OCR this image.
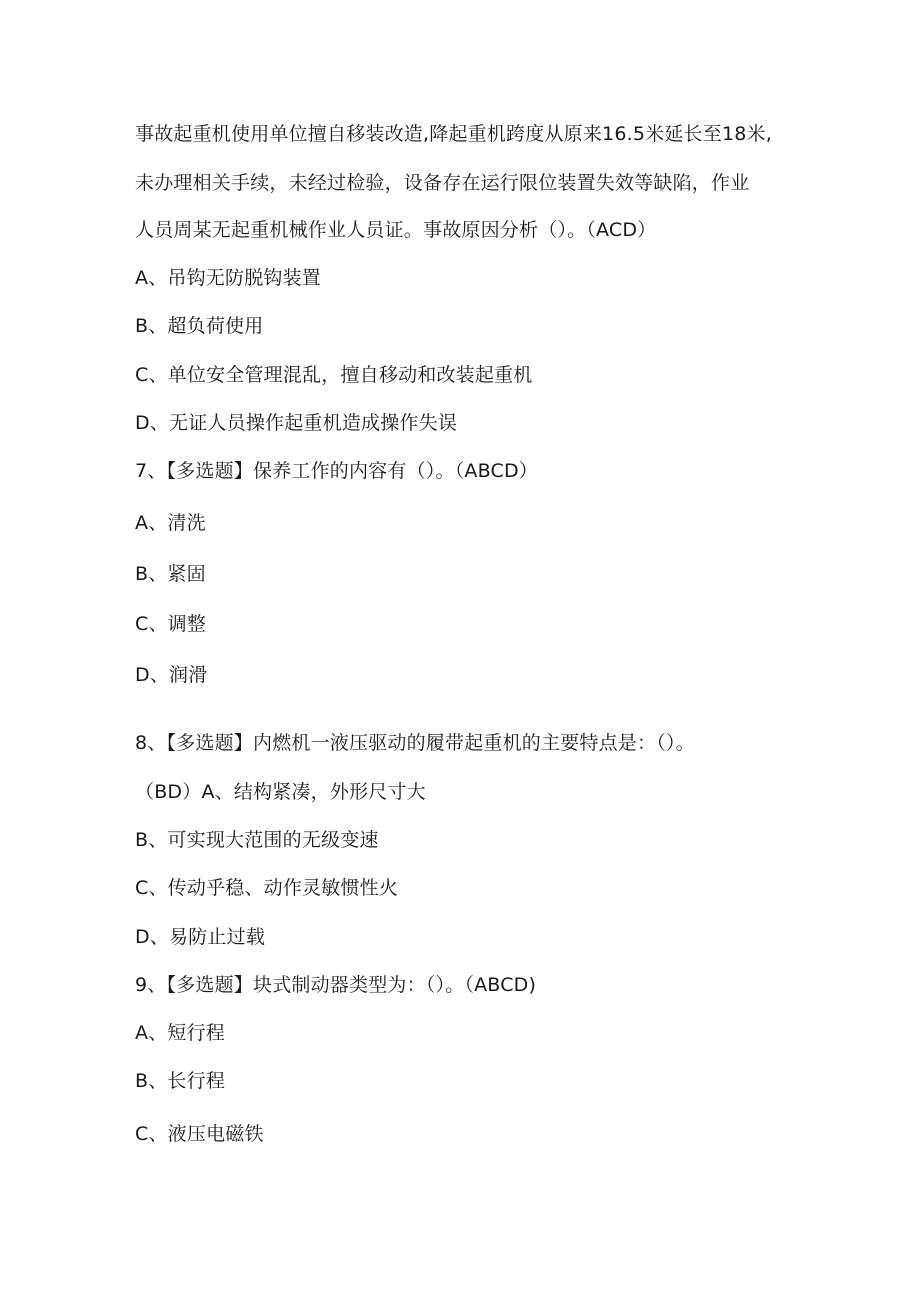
事故起重机使用单位擅自移装改造,降起重机跨度从原来16.5米延长至18米,
未办理相关手续，未经过检验，设备存在运行限位装置失效等缺陷，作业
人员周某无起重机械作业人员证。事故原因分析（）。（ACD）
A、吊钩无防脱钩装置
B、超负荷使用
C、单位安全管理混乱，擅自移动和改装起重机
D、无证人员操作起重机造成操作失误
7、【多选题】保养工作的内容有（）。（ABCD）
A、清洗
B、紧固
C、调整
D、润滑
8、【多选题】内燃机一液压驱动的履带起重机的主要特点是：（）。
（BD）A、结构紧凑，外形尺寸大
B、可实现大范围的无级变速
C、传动乎稳、动作灵敏惯性火
D、易防止过载
9、【多选题】块式制动器类型为：（）。（ABCD)
A、短行程
B、长行程
C、液压电磁铁
